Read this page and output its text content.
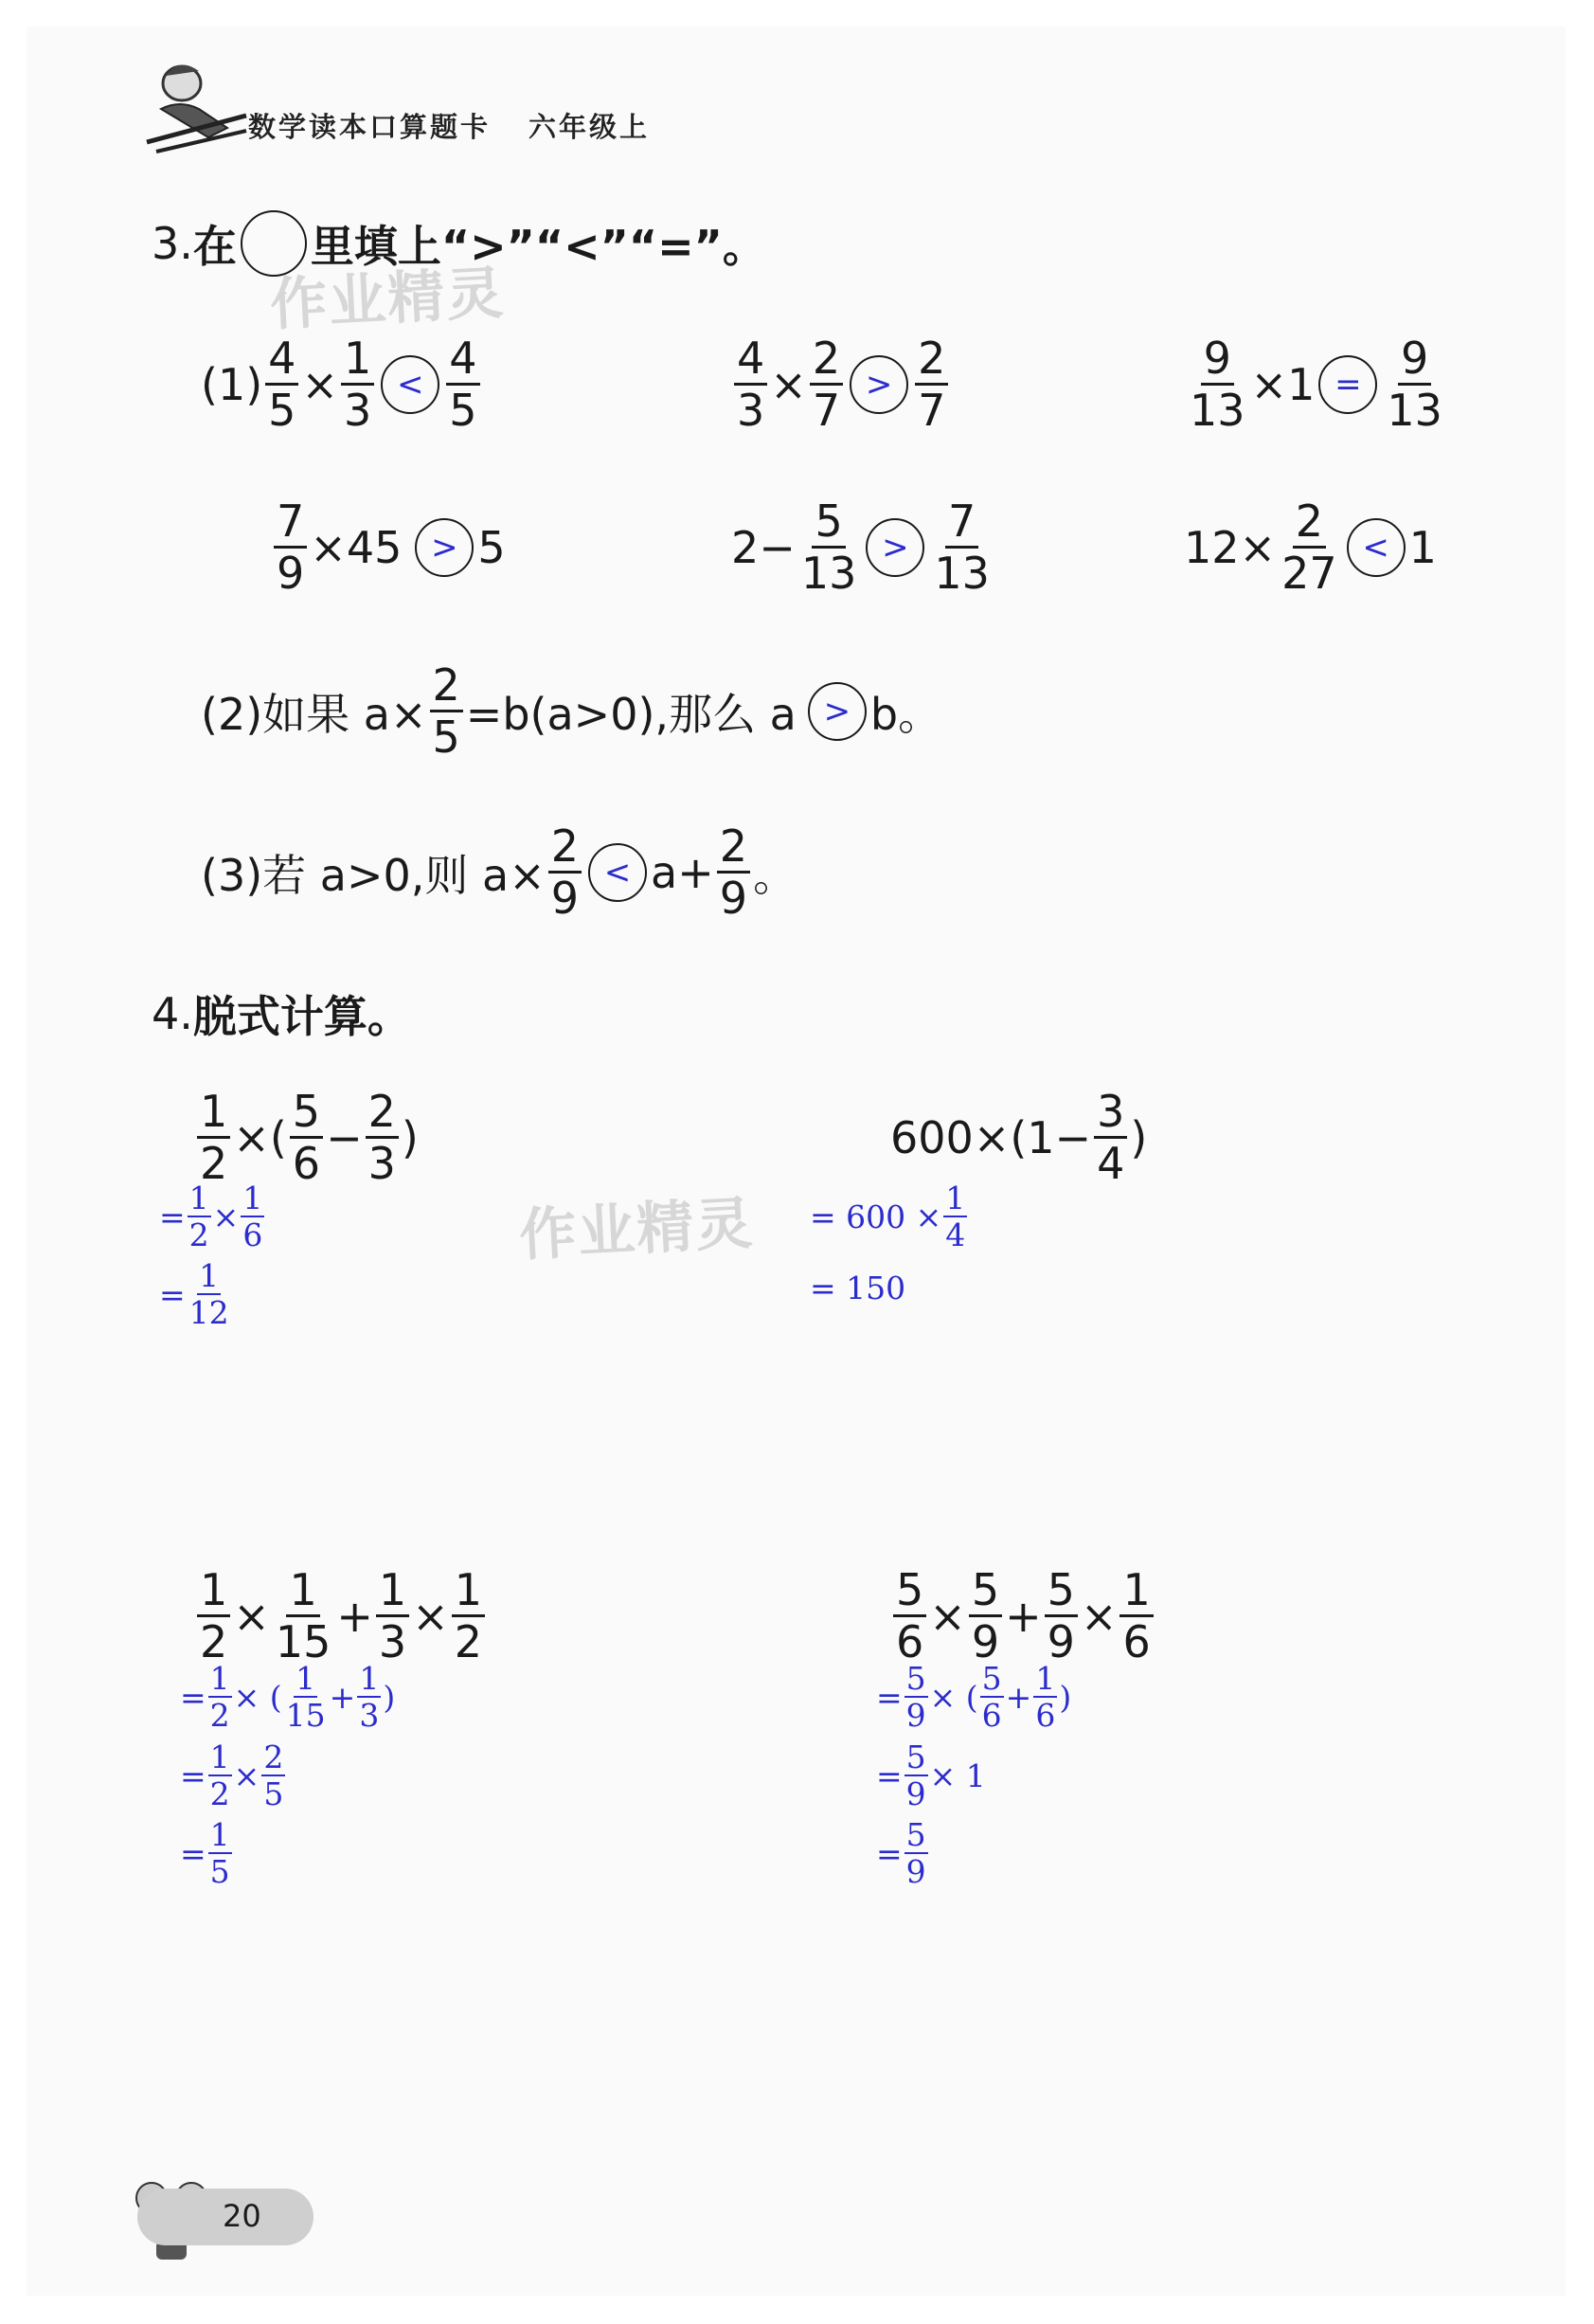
数学读本口算题卡 六年级上
3. 在 里填上“>”“<”“=”。
作业精灵
$(1) \frac{4}{5} \times \frac{1}{3} < \frac{4}{5}$	$\frac{4}{3} \times \frac{2}{7} > \frac{2}{7}$	$\frac{9}{13} \times 1 = \frac{9}{13}$
$\frac{7}{9} \times 45 > 5$	$2- \frac{5}{13} > \frac{7}{13}$	$12\times \frac{2}{27} < 1$
(2)如果 $a\times \frac{2}{5} =b(a>0)$,那么 a > b。
(3)若 a>0,则 $a\times \frac{2}{9} < a+ \frac{2}{9}$ 。
4. 脱式计算。
$\frac{1}{2}$ ×( $\frac{5}{6} - \frac{2}{3}$ )
= $\frac{1}{2} \times \frac{1}{6}$
= $\frac{1}{12}$
作业精灵
$600\times(1- \frac{3}{4}$ )
= $600 \times \frac{1}{4}$
= 150
$\frac{1}{2} \times \frac{1}{15} + \frac{1}{3} \times \frac{1}{2}$
= $\frac{1}{2}$ × ( $\frac{1}{15} + \frac{1}{3}$ )
= $\frac{1}{2} \times \frac{2}{5}$
= $\frac{1}{5}$
$\frac{5}{6} \times \frac{5}{9} + \frac{5}{9} \times \frac{1}{6}$
= $\frac{5}{9}$ × ( $\frac{5}{6} + \frac{1}{6}$ )
= $\frac{5}{9} \times 1$
= $\frac{5}{9}$
20
